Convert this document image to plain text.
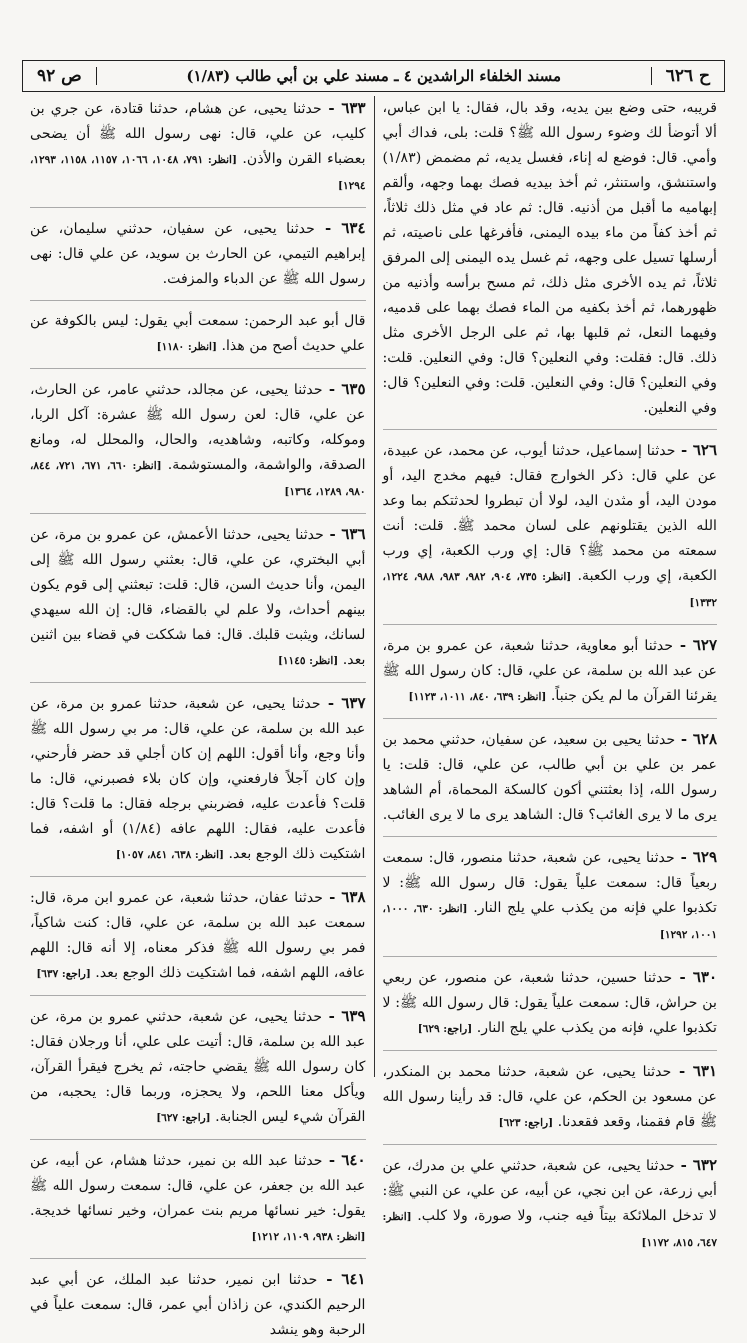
ح ٦٢٦
مسند الخلفاء الراشدين ٤ ـ مسند علي بن أبي طالب (١/٨٣)
ص ٩٢

قريبه، حتى وضع بين يديه، وقد بال، فقال: يا ابن عباس، ألا أتوضأ لك وضوء رسول الله ﷺ؟ قلت: بلى، فداك أبي وأمي. قال: فوضع له إناء، فغسل يديه، ثم مضمض (١/٨٣) واستنشق، واستنثر، ثم أخذ بيديه فصك بهما وجهه، وألقم إبهاميه ما أقبل من أذنيه. قال: ثم عاد في مثل ذلك ثلاثاً، ثم أخذ كفاً من ماء بيده اليمنى، فأفرغها على ناصيته، ثم أرسلها تسيل على وجهه، ثم غسل يده اليمنى إلى المرفق ثلاثاً، ثم يده الأخرى مثل ذلك، ثم مسح برأسه وأذنيه من ظهورهما، ثم أخذ بكفيه من الماء فصك بهما على قدميه، وفيهما النعل، ثم قلبها بها، ثم على الرجل الأخرى مثل ذلك. قال: فقلت: وفي النعلين؟ قال: وفي النعلين. قلت: وفي النعلين؟ قال: وفي النعلين. قلت: وفي النعلين؟ قال: وفي النعلين.

٦٢٦ - حدثنا إسماعيل، حدثنا أيوب، عن محمد، عن عبيدة، عن علي قال: ذكر الخوارج فقال: فيهم مخدج اليد، أو مودن اليد، أو مثدن اليد، لولا أن تبطروا لحدثتكم بما وعد الله الذين يقتلونهم على لسان محمد ﷺ. قلت: أنت سمعته من محمد ﷺ؟ قال: إي ورب الكعبة، إي ورب الكعبة، إي ورب الكعبة. [انظر: ٧٣٥، ٩٠٤، ٩٨٢، ٩٨٣، ٩٨٨، ١٢٢٤، ١٣٣٢]

٦٢٧ - حدثنا أبو معاوية، حدثنا شعبة، عن عمرو بن مرة، عن عبد الله بن سلمة، عن علي، قال: كان رسول الله ﷺ يقرئنا القرآن ما لم يكن جنباً. [انظر: ٦٣٩، ٨٤٠، ١٠١١، ١١٢٣]

٦٢٨ - حدثنا يحيى بن سعيد، عن سفيان، حدثني محمد بن عمر بن علي بن أبي طالب، عن علي، قال: قلت: يا رسول الله، إذا بعثتني أكون كالسكة المحماة، أم الشاهد يرى ما لا يرى الغائب؟ قال: الشاهد يرى ما لا يرى الغائب.

٦٢٩ - حدثنا يحيى، عن شعبة، حدثنا منصور، قال: سمعت ربعياً قال: سمعت علياً يقول: قال رسول الله ﷺ: لا تكذبوا علي فإنه من يكذب علي يلج النار. [انظر: ٦٣٠، ١٠٠٠، ١٠٠١، ١٢٩٢]

٦٣٠ - حدثنا حسين، حدثنا شعبة، عن منصور، عن ربعي بن حراش، قال: سمعت علياً يقول: قال رسول الله ﷺ: لا تكذبوا علي، فإنه من يكذب علي يلج النار. [راجع: ٦٢٩]

٦٣١ - حدثنا يحيى، عن شعبة، حدثنا محمد بن المنكدر، عن مسعود بن الحكم، عن علي، قال: قد رأينا رسول الله ﷺ قام فقمنا، وقعد فقعدنا. [راجع: ٦٢٣]

٦٣٢ - حدثنا يحيى، عن شعبة، حدثني علي بن مدرك، عن أبي زرعة، عن ابن نجي، عن أبيه، عن علي، عن النبي ﷺ: لا تدخل الملائكة بيتاً فيه جنب، ولا صورة، ولا كلب. [انظر: ٦٤٧، ٨١٥، ١١٧٢]

٦٣٣ - حدثنا يحيى، عن هشام، حدثنا قتادة، عن جري بن كليب، عن علي، قال: نهى رسول الله ﷺ أن يضحى بعضباء القرن والأذن. [انظر: ٧٩١، ١٠٤٨، ١٠٦٦، ١١٥٧، ١١٥٨، ١٢٩٣، ١٢٩٤]

٦٣٤ - حدثنا يحيى، عن سفيان، حدثني سليمان، عن إبراهيم التيمي، عن الحارث بن سويد، عن علي قال: نهى رسول الله ﷺ عن الدباء والمزفت.

قال أبو عبد الرحمن: سمعت أبي يقول: ليس بالكوفة عن علي حديث أصح من هذا. [انظر: ١١٨٠]

٦٣٥ - حدثنا يحيى، عن مجالد، حدثني عامر، عن الحارث، عن علي، قال: لعن رسول الله ﷺ عشرة: آكل الربا، وموكله، وكاتبه، وشاهديه، والحال، والمحلل له، ومانع الصدقة، والواشمة، والمستوشمة. [انظر: ٦٦٠، ٦٧١، ٧٢١، ٨٤٤، ٩٨٠، ١٢٨٩، ١٣٦٤]

٦٣٦ - حدثنا يحيى، حدثنا الأعمش، عن عمرو بن مرة، عن أبي البختري، عن علي، قال: بعثني رسول الله ﷺ إلى اليمن، وأنا حديث السن، قال: قلت: تبعثني إلى قوم يكون بينهم أحداث، ولا علم لي بالقضاء، قال: إن الله سيهدي لسانك، ويثبت قلبك. قال: فما شككت في قضاء بين اثنين بعد. [انظر: ١١٤٥]

٦٣٧ - حدثنا يحيى، عن شعبة، حدثنا عمرو بن مرة، عن عبد الله بن سلمة، عن علي، قال: مر بي رسول الله ﷺ وأنا وجع، وأنا أقول: اللهم إن كان أجلي قد حضر فأرحني، وإن كان آجلاً فارفعني، وإن كان بلاء فصبرني، قال: ما قلت؟ فأعدت عليه، فضربني برجله فقال: ما قلت؟ قال: فأعدت عليه، فقال: اللهم عافه (١/٨٤) أو اشفه، فما اشتكيت ذلك الوجع بعد. [انظر: ٦٣٨، ٨٤١، ١٠٥٧]

٦٣٨ - حدثنا عفان، حدثنا شعبة، عن عمرو ابن مرة، قال: سمعت عبد الله بن سلمة، عن علي، قال: كنت شاكياً، فمر بي رسول الله ﷺ فذكر معناه، إلا أنه قال: اللهم عافه، اللهم اشفه، فما اشتكيت ذلك الوجع بعد. [راجع: ٦٣٧]

٦٣٩ - حدثنا يحيى، عن شعبة، حدثني عمرو بن مرة، عن عبد الله بن سلمة، قال: أتيت على علي، أنا ورجلان فقال: كان رسول الله ﷺ يقضي حاجته، ثم يخرج فيقرأ القرآن، ويأكل معنا اللحم، ولا يحجزه، وربما قال: يحجبه، من القرآن شيء ليس الجنابة. [راجع: ٦٢٧]

٦٤٠ - حدثنا عبد الله بن نمير، حدثنا هشام، عن أبيه، عن عبد الله بن جعفر، عن علي، قال: سمعت رسول الله ﷺ يقول: خير نسائها مريم بنت عمران، وخير نسائها خديجة. [انظر: ٩٣٨، ١١٠٩، ١٢١٢]

٦٤١ - حدثنا ابن نمير، حدثنا عبد الملك، عن أبي عبد الرحيم الكندي، عن زاذان أبي عمر، قال: سمعت علياً في الرحبة وهو ينشد
